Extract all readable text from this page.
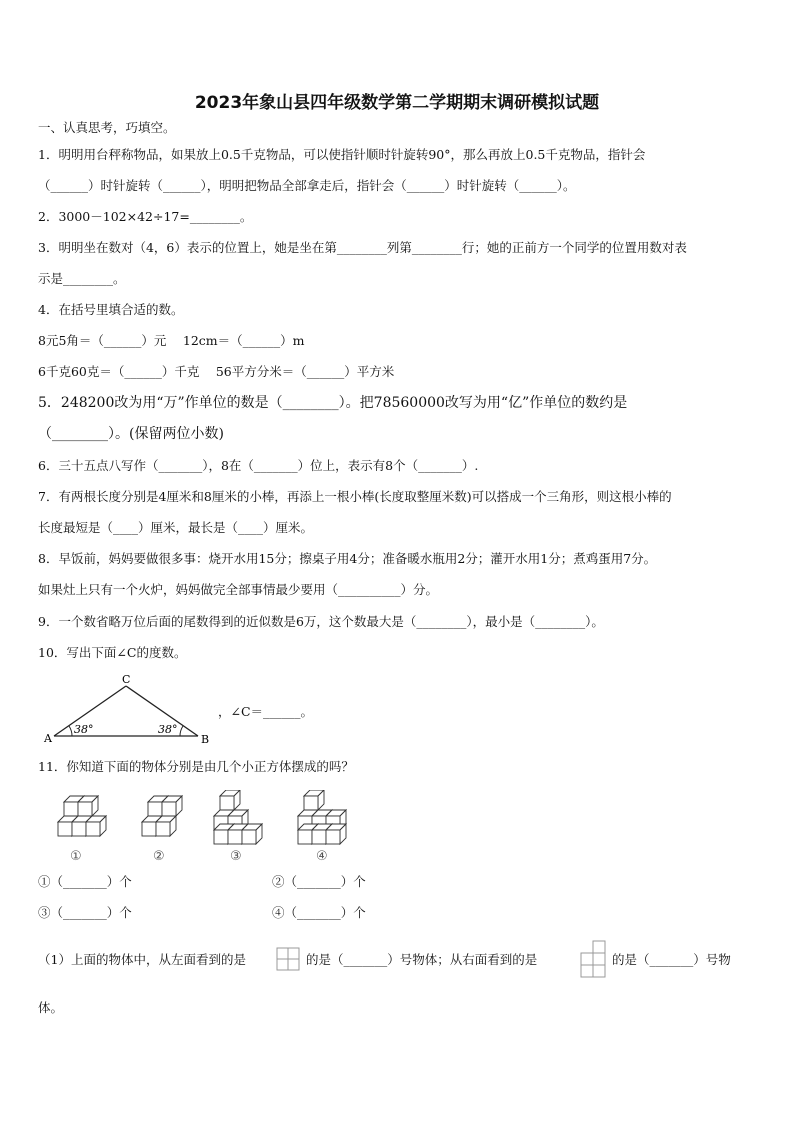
2023年象山县四年级数学第二学期期末调研模拟试题
一、认真思考，巧填空。
1．明明用台秤称物品，如果放上0.5千克物品，可以使指针顺时针旋转90°，那么再放上0.5千克物品，指针会
（______）时针旋转（______），明明把物品全部拿走后，指针会（______）时针旋转（______）。
2．3000－102×42÷17=________。
3．明明坐在数对（4，6）表示的位置上，她是坐在第________列第________行；她的正前方一个同学的位置用数对表
示是________。
4．在括号里填合适的数。
8元5角＝（______）元　 12cm＝（______）m
6千克60克＝（______）千克　 56平方分米＝（______）平方米
5．248200改为用“万”作单位的数是（________）。把78560000改写为用“亿”作单位的数约是
（________）。(保留两位小数)
6．三十五点八写作（_______），8在（_______）位上，表示有8个（_______）.
7．有两根长度分别是4厘米和8厘米的小棒，再添上一根小棒(长度取整厘米数)可以搭成一个三角形，则这根小棒的
长度最短是（____）厘米，最长是（____）厘米。
8．早饭前，妈妈要做很多事：烧开水用15分；擦桌子用4分；准备暖水瓶用2分；灌开水用1分；煮鸡蛋用7分。
如果灶上只有一个火炉，妈妈做完全部事情最少要用（__________）分。
9．一个数省略万位后面的尾数得到的近似数是6万，这个数最大是（________），最小是（________）。
10．写出下面∠C的度数。
38°	38°
A	B
C
，∠C＝______。
11．你知道下面的物体分别是由几个小正方体摆成的吗？
①	②	③	④
①（_______）个	②（_______）个
③（_______）个	④（_______）个
（1）上面的物体中，从左面看到的是	的是（_______）号物体；从右面看到的是	的是（_______）号物
体。
